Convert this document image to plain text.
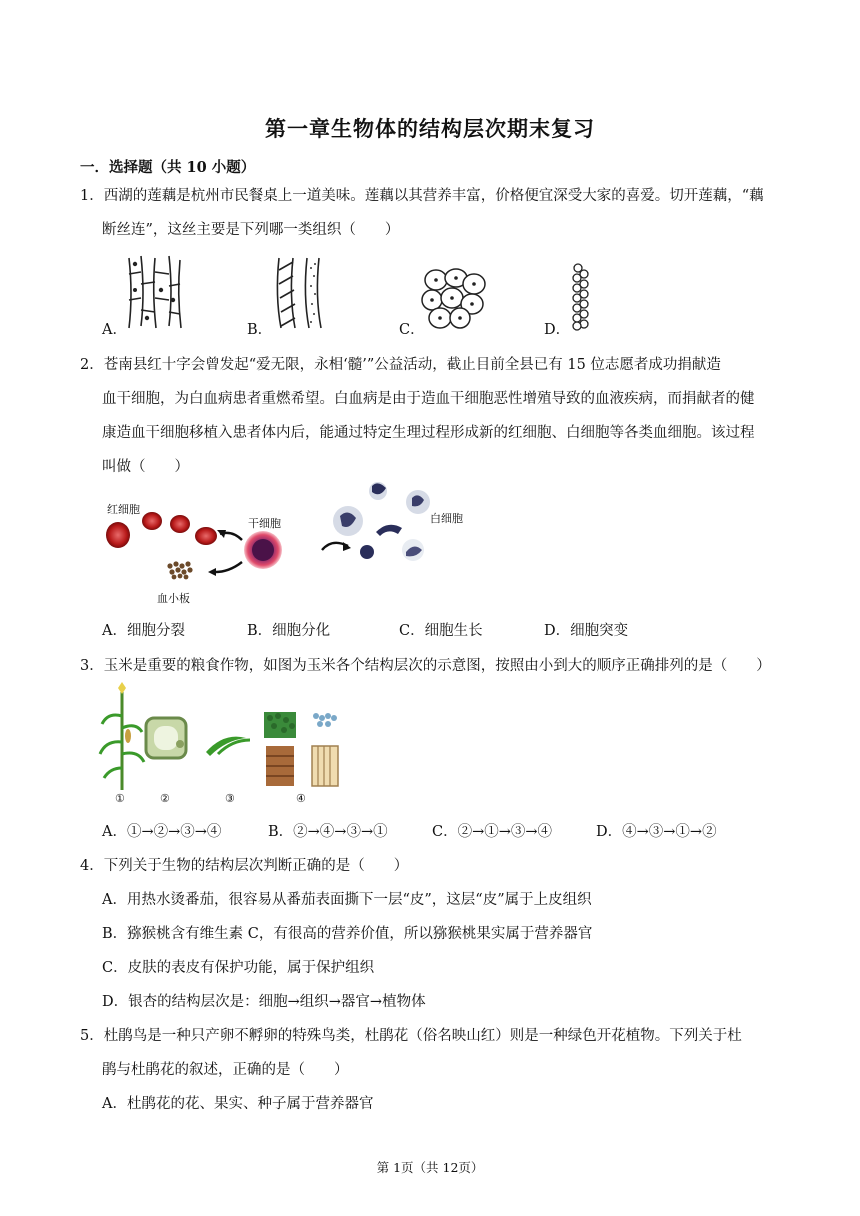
第一章生物体的结构层次期末复习
一．选择题（共 10 小题）
1．西湖的莲藕是杭州市民餐桌上一道美味。莲藕以其营养丰富，价格便宜深受大家的喜爱。切开莲藕，“藕
断丝连”，这丝主要是下列哪一类组织（　　）
A．	B．	C．	D．
2．苍南县红十字会曾发起“爱无限，永相‘髓’”公益活动，截止目前全县已有 15 位志愿者成功捐献造
血干细胞，为白血病患者重燃希望。白血病是由于造血干细胞恶性增殖导致的血液疾病，而捐献者的健
康造血干细胞移植入患者体内后，能通过特定生理过程形成新的红细胞、白细胞等各类血细胞。该过程
叫做（　　）
红细胞
干细胞	白细胞
血小板
A．细胞分裂	B．细胞分化	C．细胞生长	D．细胞突变
3．玉米是重要的粮食作物，如图为玉米各个结构层次的示意图，按照由小到大的顺序正确排列的是（　　）
①	②	③	④
A．①→②→③→④	B．②→④→③→①	C．②→①→③→④	D．④→③→①→②
4．下列关于生物的结构层次判断正确的是（　　）
A．用热水烫番茄，很容易从番茄表面撕下一层“皮”，这层“皮”属于上皮组织
B．猕猴桃含有维生素 C，有很高的营养价值，所以猕猴桃果实属于营养器官
C．皮肤的表皮有保护功能，属于保护组织
D．银杏的结构层次是：细胞→组织→器官→植物体
5．杜鹃鸟是一种只产卵不孵卵的特殊鸟类，杜鹃花（俗名映山红）则是一种绿色开花植物。下列关于杜
鹃与杜鹃花的叙述，正确的是（　　）
A．杜鹃花的花、果实、种子属于营养器官
第 1页（共 12页）
